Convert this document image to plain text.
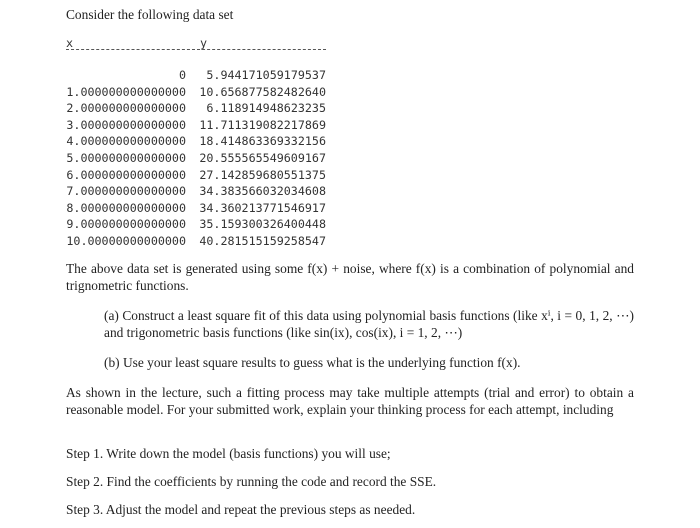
Consider the following data set
x	y
0 5.944171059179537
1.000000000000000 10.656877582482640
2.000000000000000 6.118914948623235
3.000000000000000 11.711319082217869
4.000000000000000 18.414863369332156
5.000000000000000 20.555565549609167
6.000000000000000 27.142859680551375
7.000000000000000 34.383566032034608
8.000000000000000 34.360213771546917
9.000000000000000 35.159300326400448
10.00000000000000 40.281515159258547
The above data set is generated using some f(x) + noise, where f(x) is a combination of polynomial and trignometric functions.
(a) Construct a least square fit of this data using polynomial basis functions (like xⁱ, i = 0, 1, 2, ⋯) and trigonometric basis functions (like sin(ix), cos(ix), i = 1, 2, ⋯)
(b) Use your least square results to guess what is the underlying function f(x).
As shown in the lecture, such a fitting process may take multiple attempts (trial and error) to obtain a reasonable model. For your submitted work, explain your thinking process for each attempt, including
Step 1. Write down the model (basis functions) you will use;
Step 2. Find the coefficients by running the code and record the SSE.
Step 3. Adjust the model and repeat the previous steps as needed.
